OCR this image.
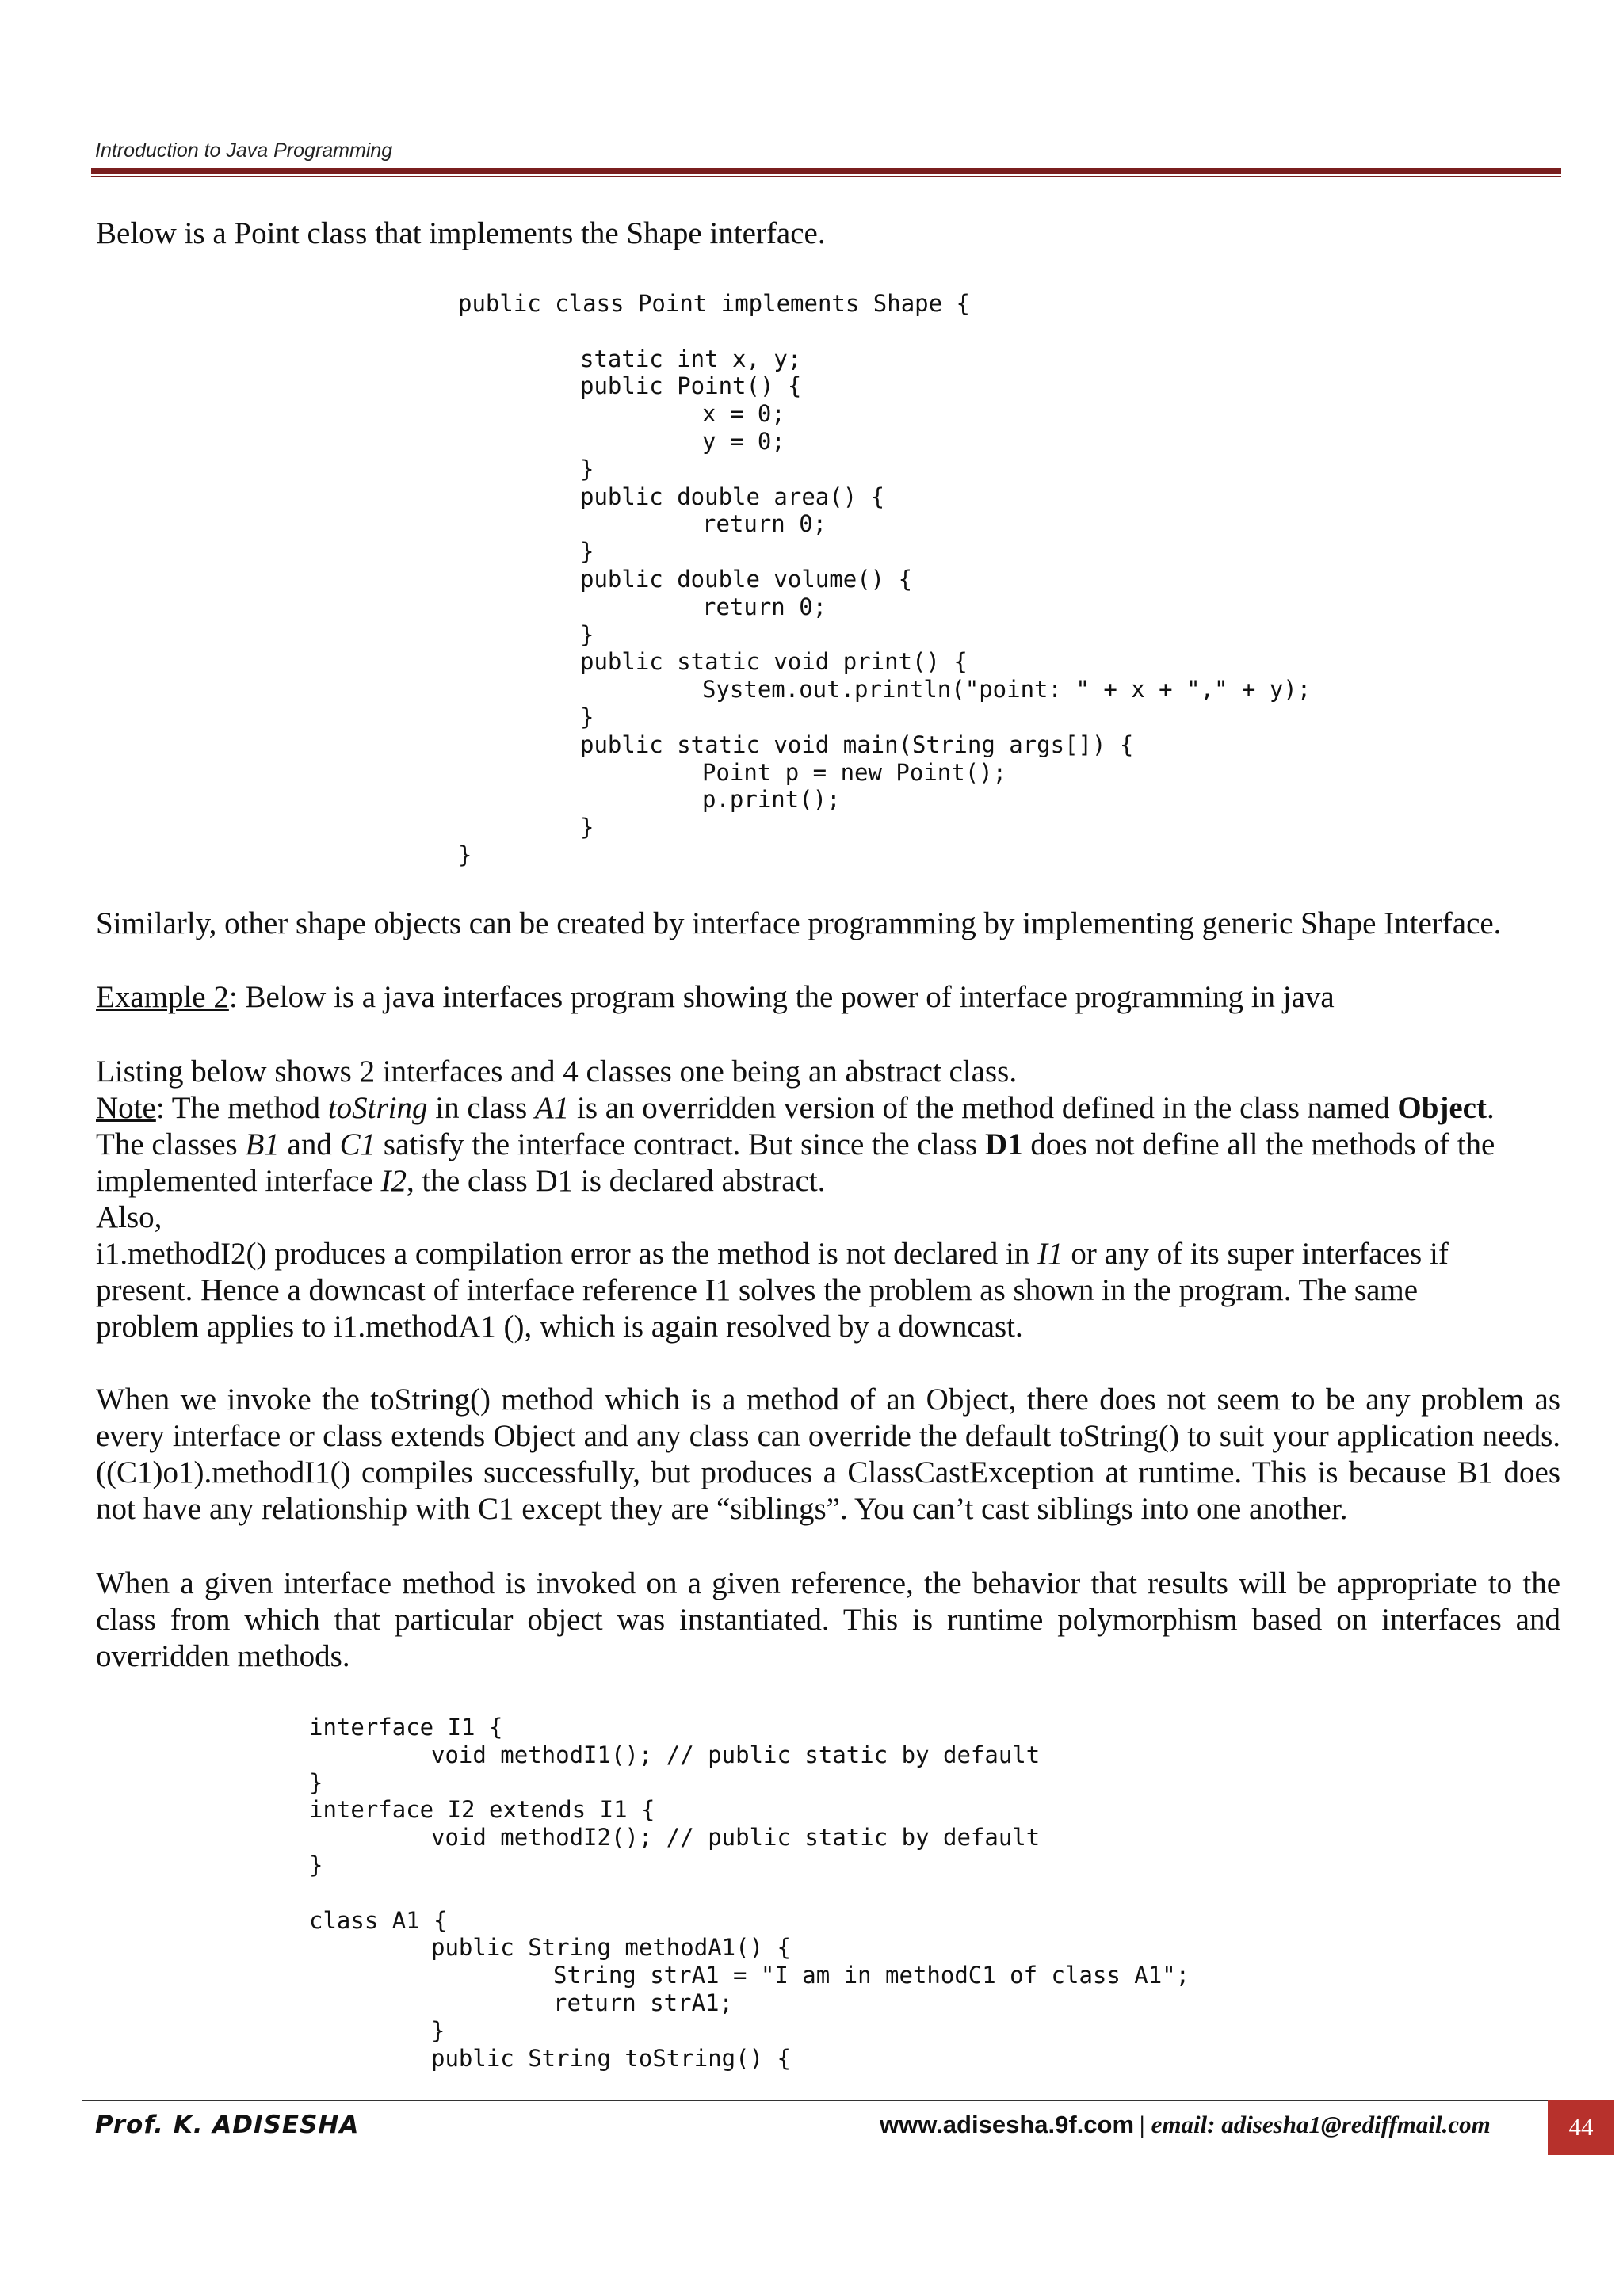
Introduction to Java Programming

Below is a Point class that implements the Shape interface.

public class Point implements Shape {

	static int x, y;
	public Point() {
		x = 0;
		y = 0;
	}
	public double area() {
		return 0;
	}
	public double volume() {
		return 0;
	}
	public static void print() {
		System.out.println("point: " + x + "," + y);
	}
	public static void main(String args[]) {
		Point p = new Point();
		p.print();
	}
}

Similarly, other shape objects can be created by interface programming by implementing generic Shape Interface.

Example 2: Below is a java interfaces program showing the power of interface programming in java

Listing below shows 2 interfaces and 4 classes one being an abstract class.

Note: The method toString in class A1 is an overridden version of the method defined in the class named Object.

The classes B1 and C1 satisfy the interface contract. But since the class D1 does not define all the methods of the

implemented interface I2, the class D1 is declared abstract.

Also,

i1.methodI2() produces a compilation error as the method is not declared in I1 or any of its super interfaces if

present. Hence a downcast of interface reference I1 solves the problem as shown in the program. The same

problem applies to i1.methodA1 (), which is again resolved by a downcast.

When we invoke the toString() method which is a method of an Object, there does not seem to be any problem as every interface or class extends Object and any class can override the default toString() to suit your application needs. ((C1)o1).methodI1() compiles successfully, but produces a ClassCastException at runtime. This is because B1 does not have any relationship with C1 except they are “siblings”. You can’t cast siblings into one another.

When a given interface method is invoked on a given reference, the behavior that results will be appropriate to the class from which that particular object was instantiated. This is runtime polymorphism based on interfaces and overridden methods.

interface I1 {
	void methodI1(); // public static by default
}
interface I2 extends I1 {
	void methodI2(); // public static by default
}

class A1 {
	public String methodA1() {
		String strA1 = "I am in methodC1 of class A1";
		return strA1;
	}
	public String toString() {
Prof. K. ADISESHA	www.adisesha.9f.com | email: adisesha1@rediffmail.com	44
